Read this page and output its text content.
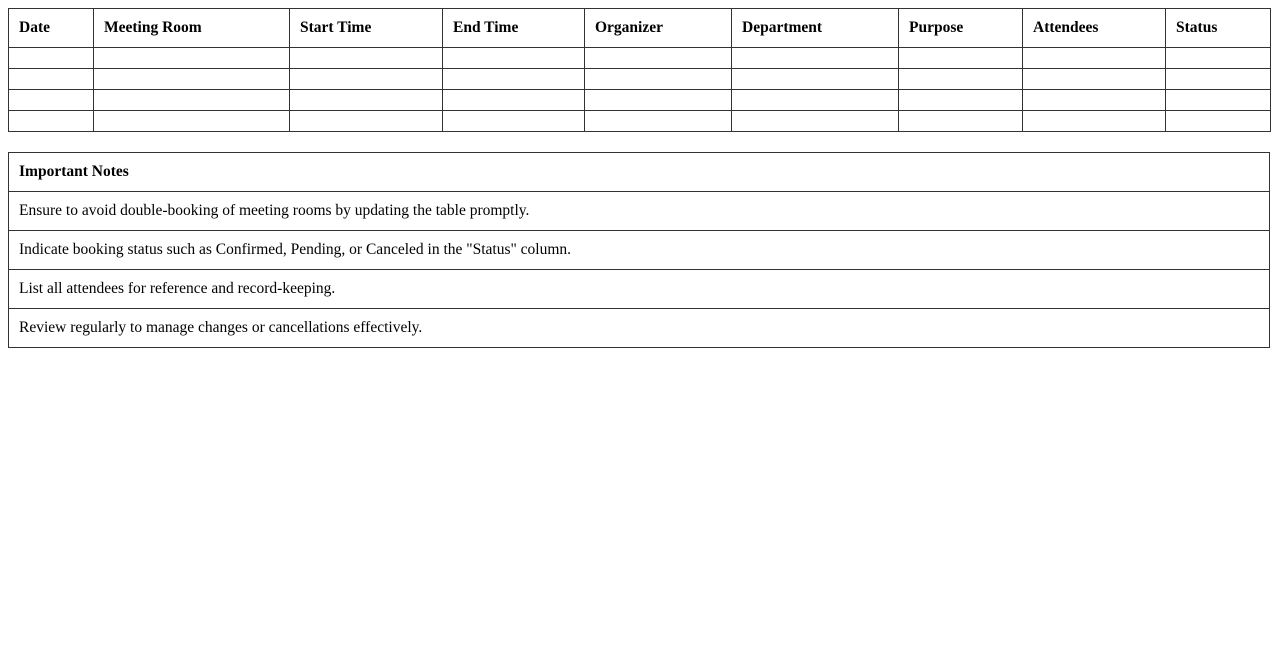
Date	Meeting Room	Start Time	End Time	Organizer	Department	Purpose	Attendees	Status

Important Notes
Ensure to avoid double-booking of meeting rooms by updating the table promptly.
Indicate booking status such as Confirmed, Pending, or Canceled in the "Status" column.
List all attendees for reference and record-keeping.
Review regularly to manage changes or cancellations effectively.
